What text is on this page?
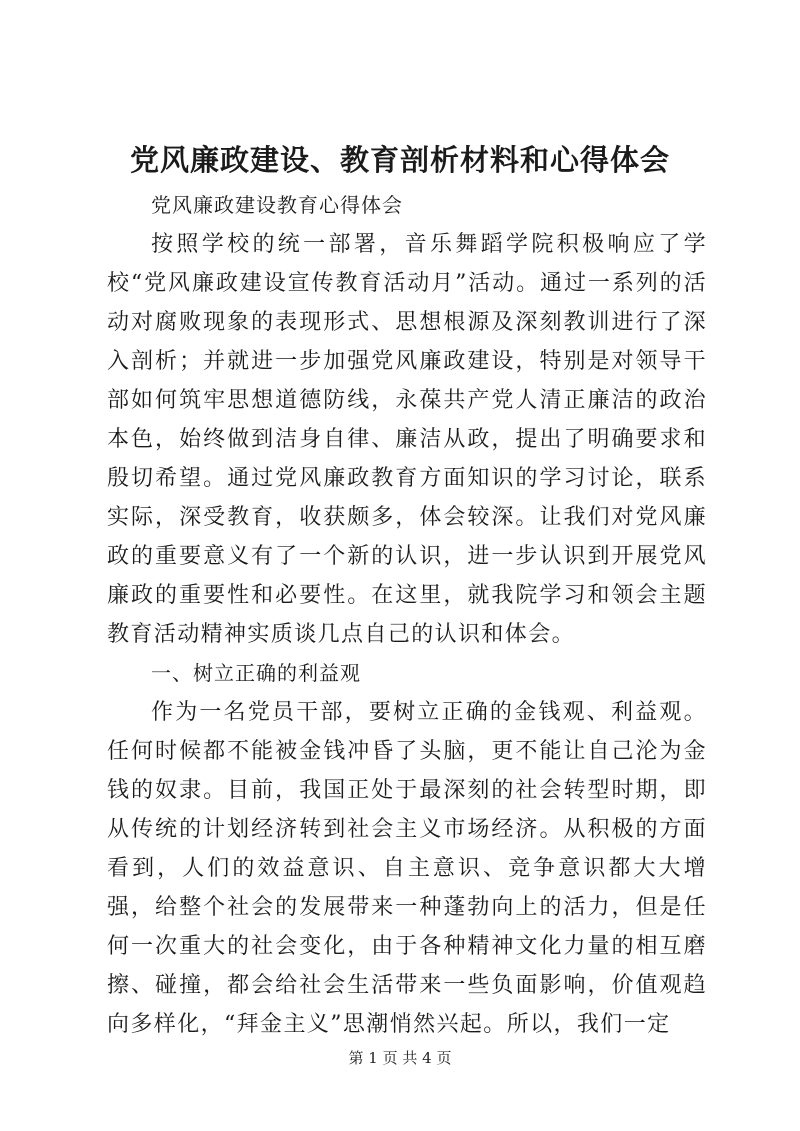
党风廉政建设、教育剖析材料和心得体会

党风廉政建设教育心得体会

按照学校的统一部署，音乐舞蹈学院积极响应了学校“党风廉政建设宣传教育活动月”活动。通过一系列的活动对腐败现象的表现形式、思想根源及深刻教训进行了深入剖析；并就进一步加强党风廉政建设，特别是对领导干部如何筑牢思想道德防线，永葆共产党人清正廉洁的政治本色，始终做到洁身自律、廉洁从政，提出了明确要求和殷切希望。通过党风廉政教育方面知识的学习讨论，联系实际，深受教育，收获颇多，体会较深。让我们对党风廉政的重要意义有了一个新的认识，进一步认识到开展党风廉政的重要性和必要性。在这里，就我院学习和领会主题教育活动精神实质谈几点自己的认识和体会。

一、树立正确的利益观

作为一名党员干部，要树立正确的金钱观、利益观。任何时候都不能被金钱冲昏了头脑，更不能让自己沦为金钱的奴隶。目前，我国正处于最深刻的社会转型时期，即从传统的计划经济转到社会主义市场经济。从积极的方面看到，人们的效益意识、自主意识、竞争意识都大大增强，给整个社会的发展带来一种蓬勃向上的活力，但是任何一次重大的社会变化，由于各种精神文化力量的相互磨擦、碰撞，都会给社会生活带来一些负面影响，价值观趋向多样化，“拜金主义”思潮悄然兴起。所以，我们一定

第 1 页 共 4 页
